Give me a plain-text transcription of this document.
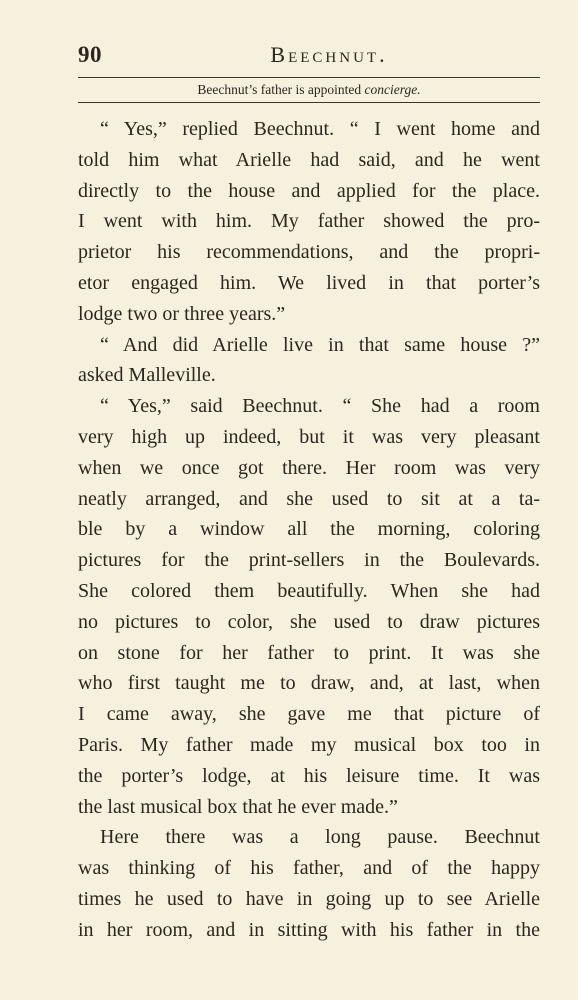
90	Beechnut.
Beechnut’s father is appointed concierge.
“ Yes,” replied Beechnut. “ I went home and
told him what Arielle had said, and he went
directly to the house and applied for the place.
I went with him. My father showed the pro-
prietor his recommendations, and the propri-
etor engaged him. We lived in that porter’s
lodge two or three years.”
“ And did Arielle live in that same house ?”
asked Malleville.
“ Yes,” said Beechnut. “ She had a room
very high up indeed, but it was very pleasant
when we once got there. Her room was very
neatly arranged, and she used to sit at a ta-
ble by a window all the morning, coloring
pictures for the print-sellers in the Boulevards.
She colored them beautifully. When she had
no pictures to color, she used to draw pictures
on stone for her father to print. It was she
who first taught me to draw, and, at last, when
I came away, she gave me that picture of
Paris. My father made my musical box too in
the porter’s lodge, at his leisure time. It was
the last musical box that he ever made.”
Here there was a long pause. Beechnut
was thinking of his father, and of the happy
times he used to have in going up to see Arielle
in her room, and in sitting with his father in the
